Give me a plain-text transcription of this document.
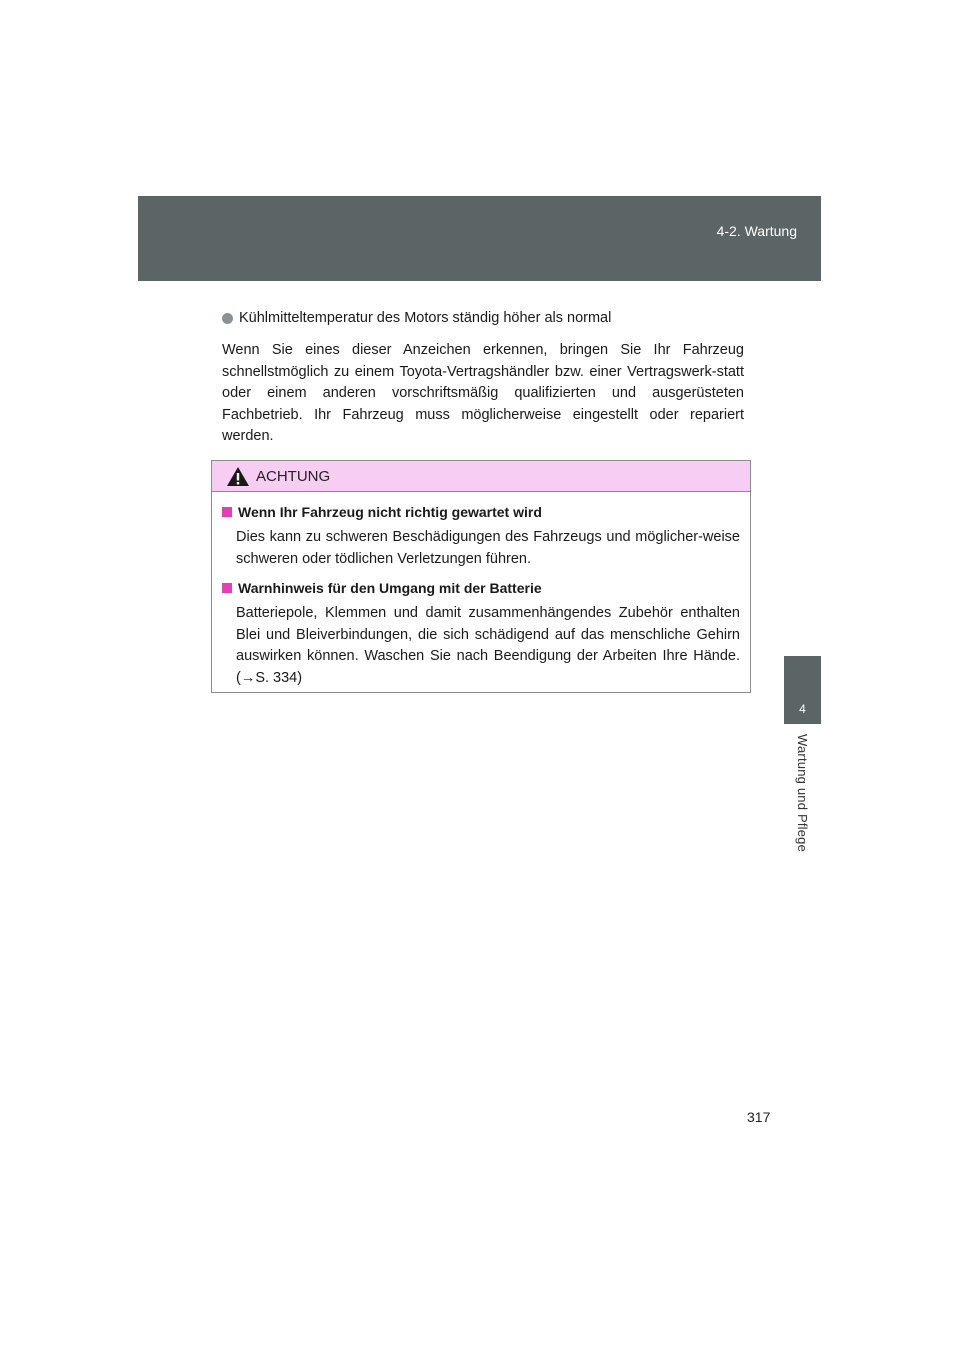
4-2. Wartung
4
Wartung und Pflege
Kühlmitteltemperatur des Motors ständig höher als normal
Wenn Sie eines dieser Anzeichen erkennen, bringen Sie Ihr Fahrzeug schnellstmöglich zu einem Toyota-Vertragshändler bzw. einer Vertragswerk-statt oder einem anderen vorschriftsmäßig qualifizierten und ausgerüsteten Fachbetrieb. Ihr Fahrzeug muss möglicherweise eingestellt oder repariert werden.
ACHTUNG
Wenn Ihr Fahrzeug nicht richtig gewartet wird
Dies kann zu schweren Beschädigungen des Fahrzeugs und möglicher-weise schweren oder tödlichen Verletzungen führen.
Warnhinweis für den Umgang mit der Batterie
Batteriepole, Klemmen und damit zusammenhängendes Zubehör enthalten Blei und Bleiverbindungen, die sich schädigend auf das menschliche Gehirn auswirken können. Waschen Sie nach Beendigung der Arbeiten Ihre Hände. (→S. 334)
317
